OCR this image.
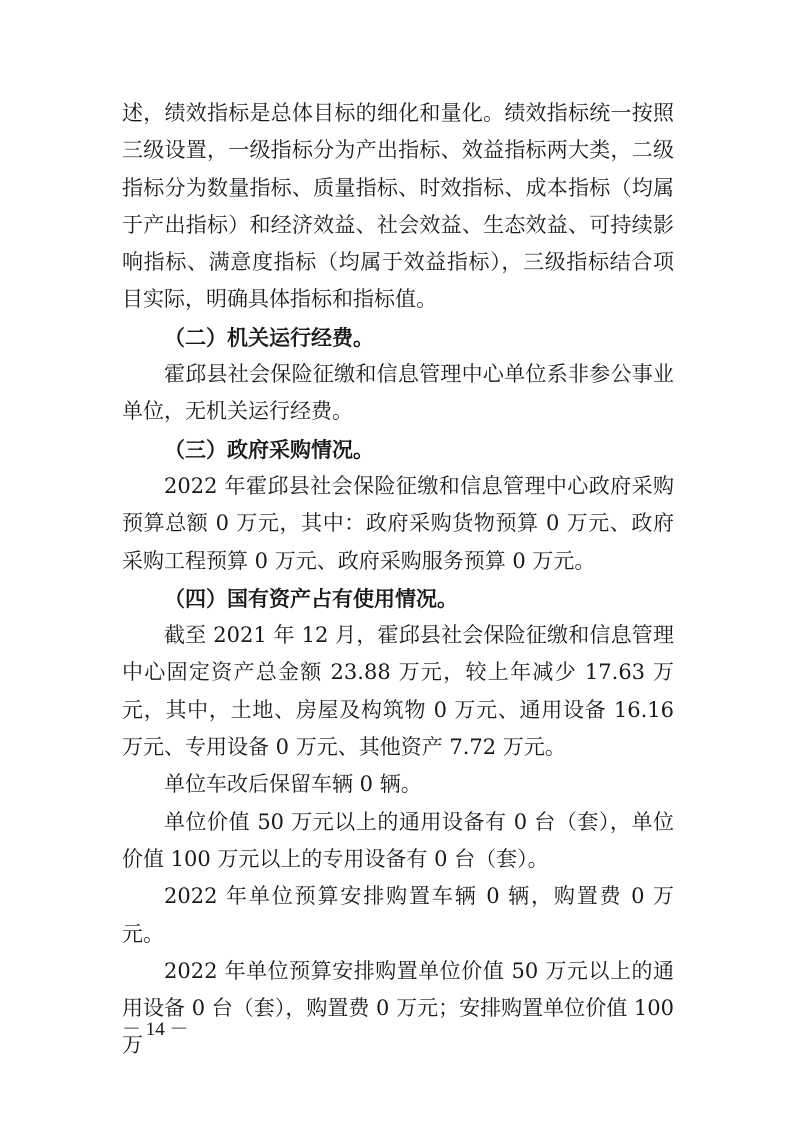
述，绩效指标是总体目标的细化和量化。绩效指标统一按照三级设置，一级指标分为产出指标、效益指标两大类，二级指标分为数量指标、质量指标、时效指标、成本指标（均属于产出指标）和经济效益、社会效益、生态效益、可持续影响指标、满意度指标（均属于效益指标），三级指标结合项目实际，明确具体指标和指标值。

（二）机关运行经费。

霍邱县社会保险征缴和信息管理中心单位系非参公事业单位，无机关运行经费。

（三）政府采购情况。

2022 年霍邱县社会保险征缴和信息管理中心政府采购预算总额 0 万元，其中：政府采购货物预算 0 万元、政府采购工程预算 0 万元、政府采购服务预算 0 万元。

（四）国有资产占有使用情况。

截至 2021 年 12 月，霍邱县社会保险征缴和信息管理中心固定资产总金额 23.88 万元，较上年减少 17.63 万元，其中，土地、房屋及构筑物 0 万元、通用设备 16.16 万元、专用设备 0 万元、其他资产 7.72 万元。

单位车改后保留车辆 0 辆。

单位价值 50 万元以上的通用设备有 0 台（套），单位价值 100 万元以上的专用设备有 0 台（套）。

2022 年单位预算安排购置车辆 0 辆，购置费 0 万元。

2022 年单位预算安排购置单位价值 50 万元以上的通用设备 0 台（套），购置费 0 万元；安排购置单位价值 100 万

－ 14 －
